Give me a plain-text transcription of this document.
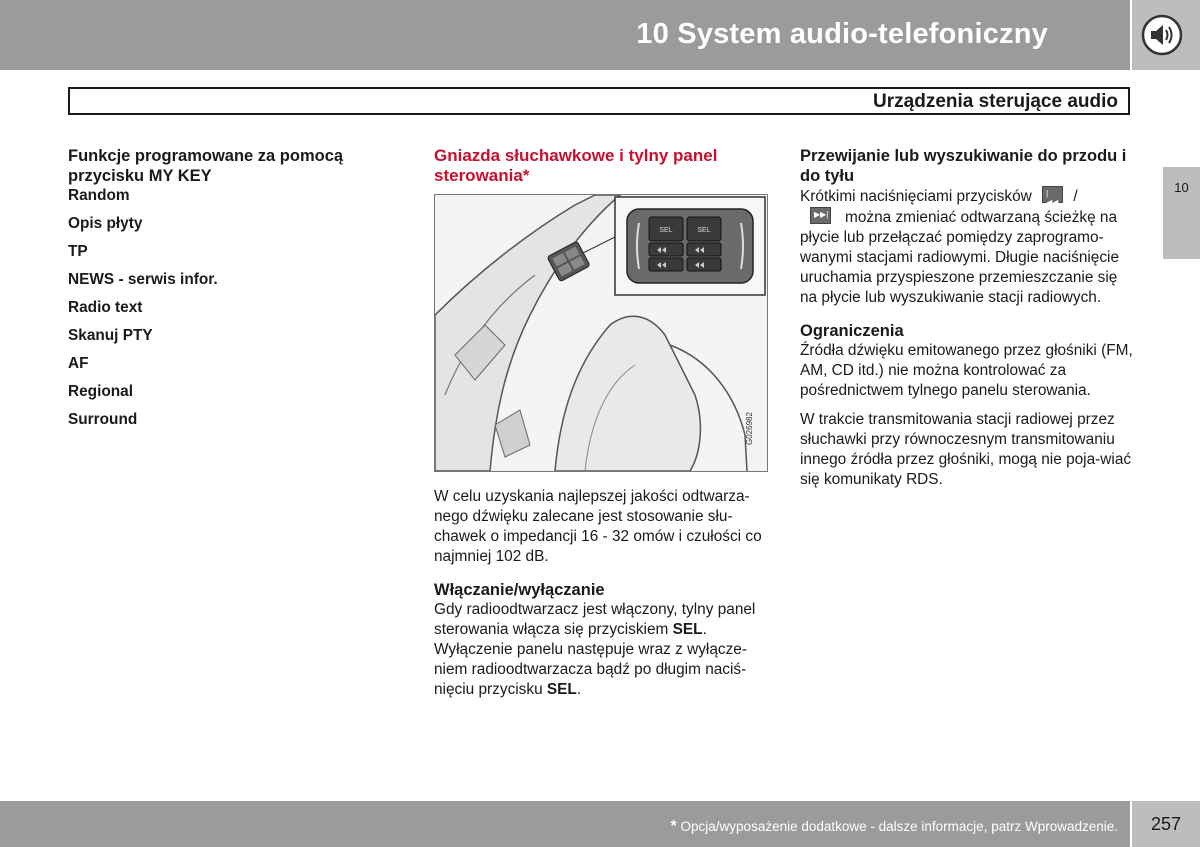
10 System audio-telefoniczny
Urządzenia sterujące audio
10
Funkcje programowane za pomocą przycisku MY KEY
Random
Opis płyty
TP
NEWS - serwis infor.
Radio text
Skanuj PTY
AF
Regional
Surround
Gniazda słuchawkowe i tylny panel sterowania*
SEL	SEL
G026982

W celu uzyskania najlepszej jakości odtwarza-nego dźwięku zalecane jest stosowanie słu-chawek o impedancji 16 - 32 omów i czułości co najmniej 102 dB.

Włączanie/wyłączanie

Gdy radioodtwarzacz jest włączony, tylny panel sterowania włącza się przyciskiem SEL. Wyłączenie panelu następuje wraz z wyłącze-niem radioodtwarzacza bądź po długim naciś-nięciu przycisku SEL.

Przewijanie lub wyszukiwanie do przodu i do tyłu

Krótkimi naciśnięciami przycisków |◀◀ /

▶▶| można zmieniać odtwarzaną ścieżkę na płycie lub przełączać pomiędzy zaprogramo-wanymi stacjami radiowymi. Długie naciśnięcie uruchamia przyspieszone przemieszczanie się na płycie lub wyszukiwanie stacji radiowych.

Ograniczenia

Źródła dźwięku emitowanego przez głośniki (FM, AM, CD itd.) nie można kontrolować za pośrednictwem tylnego panelu sterowania.

W trakcie transmitowania stacji radiowej przez słuchawki przy równoczesnym transmitowaniu innego źródła przez głośniki, mogą nie poja-wiać się komunikaty RDS.

* Opcja/wyposażenie dodatkowe - dalsze informacje, patrz Wprowadzenie.	257
